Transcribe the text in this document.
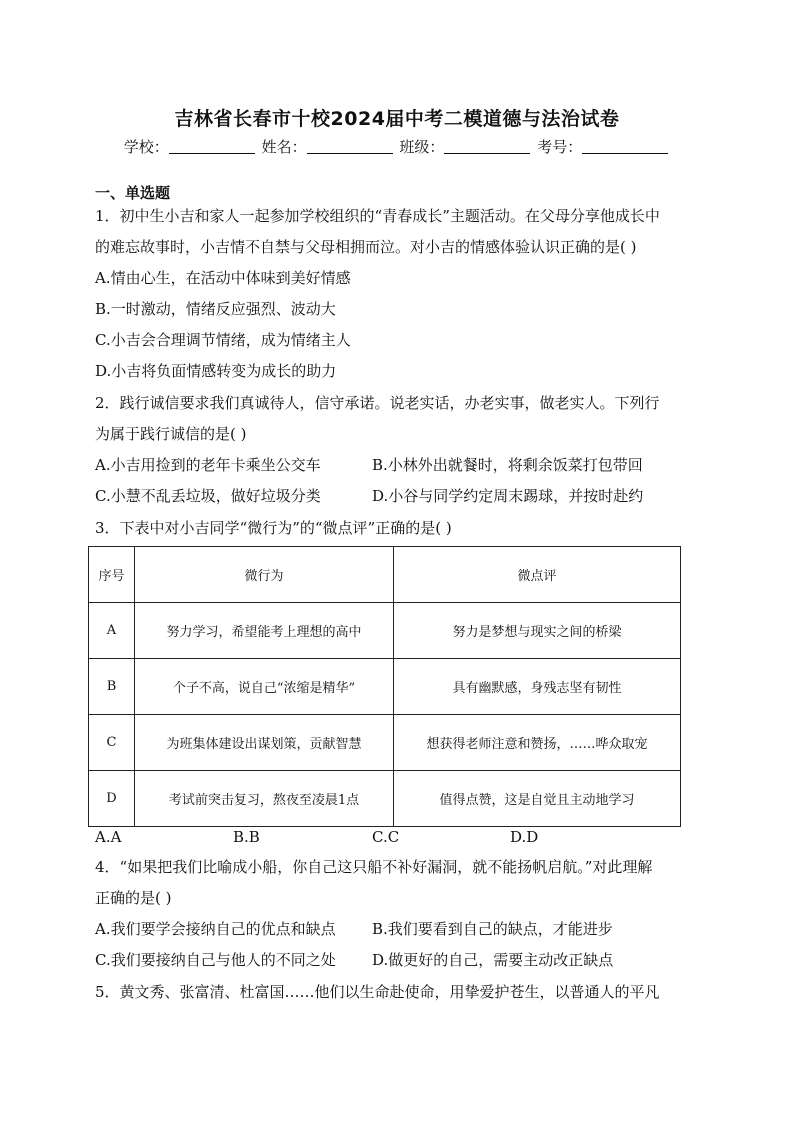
吉林省长春市十校2024届中考二模道德与法治试卷
学校：	姓名：	班级：	考号：
一、单选题
1．初中生小吉和家人一起参加学校组织的“青春成长”主题活动。在父母分享他成长中
的难忘故事时，小吉情不自禁与父母相拥而泣。对小吉的情感体验认识正确的是( )
A.情由心生，在活动中体味到美好情感
B.一时激动，情绪反应强烈、波动大
C.小吉会合理调节情绪，成为情绪主人
D.小吉将负面情感转变为成长的助力
2．践行诚信要求我们真诚待人，信守承诺。说老实话，办老实事，做老实人。下列行
为属于践行诚信的是( )
A.小吉用捡到的老年卡乘坐公交车	B.小林外出就餐时，将剩余饭菜打包带回
C.小慧不乱丢垃圾，做好垃圾分类	D.小谷与同学约定周末踢球，并按时赴约
3．下表中对小吉同学“微行为”的“微点评”正确的是( )
序号	微行为	微点评
A	努力学习，希望能考上理想的高中	努力是梦想与现实之间的桥梁
B	个子不高，说自己“浓缩是精华”	具有幽默感，身残志坚有韧性
C	为班集体建设出谋划策，贡献智慧	想获得老师注意和赞扬，……哗众取宠
D	考试前突击复习，熬夜至凌晨1点	值得点赞，这是自觉且主动地学习
A.A	B.B	C.C	D.D
4．“如果把我们比喻成小船，你自己这只船不补好漏洞，就不能扬帆启航。”对此理解
正确的是( )
A.我们要学会接纳自己的优点和缺点 B.我们要看到自己的缺点，才能进步
C.我们要接纳自己与他人的不同之处 D.做更好的自己，需要主动改正缺点
5．黄文秀、张富清、杜富国……他们以生命赴使命，用挚爱护苍生，以普通人的平凡
